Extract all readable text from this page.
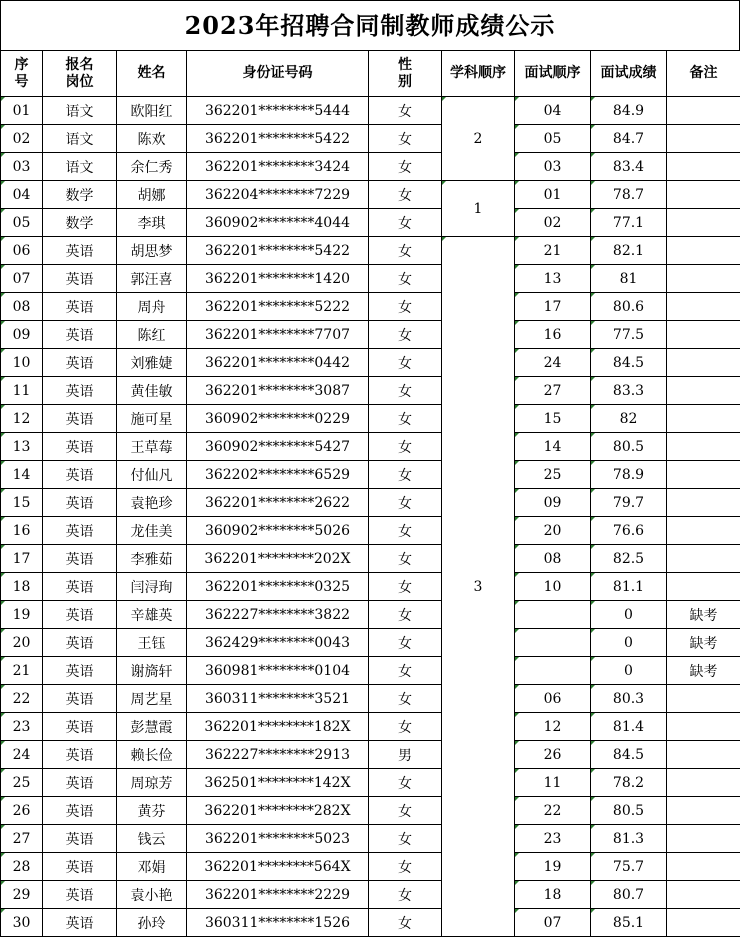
2023年招聘合同制教师成绩公示
序号	报名岗位	姓名	身份证号码	性别	学科顺序	面试顺序	面试成绩	备注
01	语文	欧阳红	362201********5444	女	2	04	84.9	
02	语文	陈欢	362201********5422	女		05	84.7	
03	语文	余仁秀	362201********3424	女		03	83.4	
04	数学	胡娜	362204********7229	女	1	01	78.7	
05	数学	李琪	360902********4044	女		02	77.1	
06	英语	胡思梦	362201********5422	女	3	21	82.1	
07	英语	郭汪喜	362201********1420	女		13	81	
08	英语	周舟	362201********5222	女		17	80.6	
09	英语	陈红	362201********7707	女		16	77.5	
10	英语	刘雅婕	362201********0442	女		24	84.5	
11	英语	黄佳敏	362201********3087	女		27	83.3	
12	英语	施可星	360902********0229	女		15	82	
13	英语	王草莓	360902********5427	女		14	80.5	
14	英语	付仙凡	362202********6529	女		25	78.9	
15	英语	袁艳珍	362201********2622	女		09	79.7	
16	英语	龙佳美	360902********5026	女		20	76.6	
17	英语	李雅茹	362201********202X	女		08	82.5	
18	英语	闫浔珣	362201********0325	女		10	81.1	
19	英语	辛雄英	362227********3822	女			0	缺考
20	英语	王钰	362429********0043	女			0	缺考
21	英语	谢旖轩	360981********0104	女			0	缺考
22	英语	周艺星	360311********3521	女		06	80.3	
23	英语	彭慧霞	362201********182X	女		12	81.4	
24	英语	赖长俭	362227********2913	男		26	84.5	
25	英语	周琼芳	362501********142X	女		11	78.2	
26	英语	黄芬	362201********282X	女		22	80.5	
27	英语	钱云	362201********5023	女		23	81.3	
28	英语	邓娟	362201********564X	女		19	75.7	
29	英语	袁小艳	362201********2229	女		18	80.7	
30	英语	孙玲	360311********1526	女		07	85.1	
